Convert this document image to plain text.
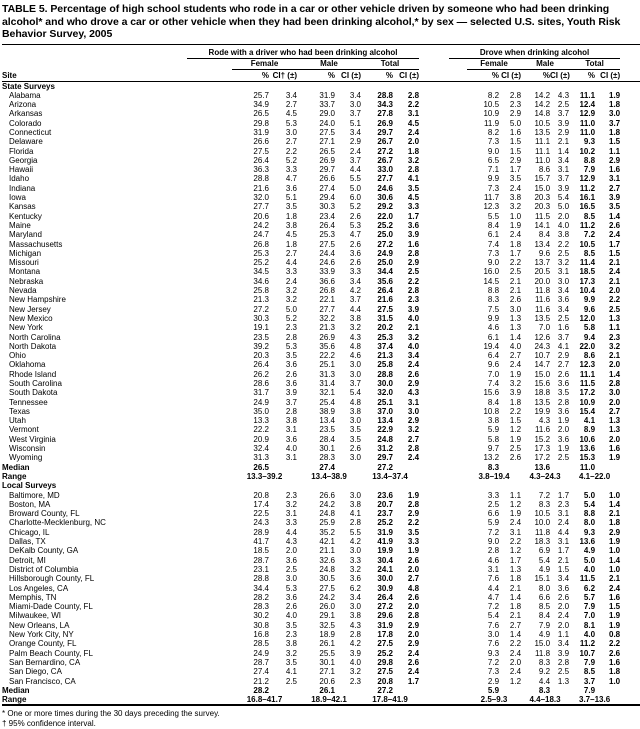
TABLE 5. Percentage of high school students who rode in a car or other vehicle driven by someone who had been drinking alcohol* and who drove a car or other vehicle when they had been drinking alcohol,* by sex — selected U.S. sites, Youth Risk Behavior Survey, 2005
	Rode with a driver who had been drinking alcohol								Drove when drinking alcohol							
		Female		Male		Total				Female		Male		Total		
Site		%	CI† (±)	%	CI (±)	%	CI (±)			%	CI (±)	%	CI (±)	%	CI (±)	
State Surveys																
Alabama		25.7	3.4	31.9	3.4	28.8	2.8			8.2	2.8	14.2	4.3	11.1	1.9	
Arizona		34.9	2.7	33.7	3.0	34.3	2.2			10.5	2.3	14.2	2.5	12.4	1.8	
Arkansas		26.5	4.5	29.0	3.7	27.8	3.1			10.9	2.9	14.8	3.7	12.9	3.0	
Colorado		29.8	5.3	24.0	5.1	26.9	4.5			11.9	5.0	10.5	3.9	11.0	3.7	
Connecticut		31.9	3.0	27.5	3.4	29.7	2.4			8.2	1.6	13.5	2.9	11.0	1.8	
Delaware		26.6	2.7	27.1	2.9	26.7	2.0			7.3	1.5	11.1	2.1	9.3	1.5	
Florida		27.5	2.2	26.5	2.4	27.2	1.8			9.0	1.5	11.1	1.4	10.2	1.1	
Georgia		26.4	5.2	26.9	3.7	26.7	3.2			6.5	2.9	11.0	3.4	8.8	2.9	
Hawaii		36.3	3.3	29.7	4.4	33.0	2.8			7.1	1.7	8.6	3.1	7.9	1.6	
Idaho		28.8	4.7	26.6	5.5	27.7	4.1			9.9	3.5	15.7	3.7	12.9	3.1	
Indiana		21.6	3.6	27.4	5.0	24.6	3.5			7.3	2.4	15.0	3.9	11.2	2.7	
Iowa		32.0	5.1	29.4	6.0	30.6	4.5			11.7	3.8	20.3	5.4	16.1	3.9	
Kansas		27.7	3.5	30.3	5.2	29.2	3.3			12.3	3.2	20.3	5.0	16.5	3.5	
Kentucky		20.6	1.8	23.4	2.6	22.0	1.7			5.5	1.0	11.5	2.0	8.5	1.4	
Maine		24.2	3.8	26.4	5.3	25.2	3.6			8.4	1.9	14.1	4.0	11.2	2.6	
Maryland		24.7	4.5	25.3	4.7	25.0	3.9			6.1	2.4	8.4	3.8	7.2	2.4	
Massachusetts		26.8	1.8	27.5	2.6	27.2	1.6			7.4	1.8	13.4	2.2	10.5	1.7	
Michigan		25.3	2.7	24.4	3.6	24.9	2.8			7.3	1.7	9.6	2.5	8.5	1.5	
Missouri		25.2	4.4	24.6	2.6	25.0	2.9			9.0	2.2	13.7	3.2	11.4	2.1	
Montana		34.5	3.3	33.9	3.3	34.4	2.5			16.0	2.5	20.5	3.1	18.5	2.4	
Nebraska		34.6	2.4	36.6	3.4	35.6	2.2			14.5	2.1	20.0	3.0	17.3	2.1	
Nevada		25.8	3.2	26.8	4.2	26.4	2.8			8.8	2.1	11.8	3.4	10.4	2.0	
New Hampshire		21.3	3.2	22.1	3.7	21.6	2.3			8.3	2.6	11.6	3.6	9.9	2.2	
New Jersey		27.2	5.0	27.7	4.4	27.5	3.9			7.5	3.0	11.6	3.4	9.6	2.5	
New Mexico		30.3	5.2	32.2	3.8	31.5	4.0			9.9	1.3	13.5	2.5	12.0	1.3	
New York		19.1	2.3	21.3	3.2	20.2	2.1			4.6	1.3	7.0	1.6	5.8	1.1	
North Carolina		23.5	2.8	26.9	4.3	25.3	3.2			6.1	1.4	12.6	3.7	9.4	2.3	
North Dakota		39.2	5.3	35.6	4.8	37.4	4.0			19.4	4.0	24.3	4.1	22.0	3.2	
Ohio		20.3	3.5	22.2	4.6	21.3	3.4			6.4	2.7	10.7	2.9	8.6	2.1	
Oklahoma		26.4	3.6	25.1	3.0	25.8	2.4			9.6	2.4	14.7	2.7	12.3	2.0	
Rhode Island		26.2	2.6	31.3	3.0	28.8	2.6			7.0	1.9	15.0	2.6	11.1	1.4	
South Carolina		28.6	3.6	31.4	3.7	30.0	2.9			7.4	3.2	15.6	3.6	11.5	2.8	
South Dakota		31.7	3.9	32.1	5.4	32.0	4.3			15.6	3.9	18.8	3.5	17.2	3.0	
Tennessee		24.9	3.7	25.4	4.8	25.1	3.1			8.4	1.8	13.5	2.8	10.9	2.0	
Texas		35.0	2.8	38.9	3.8	37.0	3.0			10.8	2.2	19.9	3.6	15.4	2.7	
Utah		13.3	3.8	13.4	3.0	13.4	2.9			3.8	1.5	4.3	1.9	4.1	1.3	
Vermont		22.2	3.1	23.5	3.5	22.9	3.2			5.9	1.2	11.6	2.0	8.9	1.3	
West Virginia		20.9	3.6	28.4	3.5	24.8	2.7			5.8	1.9	15.2	3.6	10.6	2.0	
Wisconsin		32.4	4.0	30.1	2.6	31.2	2.8			9.7	2.5	17.3	1.9	13.6	1.6	
Wyoming		31.3	3.1	28.3	3.0	29.7	2.4			13.2	2.6	17.2	2.5	15.3	1.9	
Median		26.5		27.4		27.2				8.3		13.6		11.0		
Range		13.3–39.2		13.4–38.9		13.4–37.4				3.8–19.4		4.3–24.3		4.1–22.0		
Local Surveys																
Baltimore, MD		20.8	2.3	26.6	3.0	23.6	1.9			3.3	1.1	7.2	1.7	5.0	1.0	
Boston, MA		17.4	3.2	24.2	3.8	20.7	2.8			2.5	1.2	8.3	2.3	5.4	1.4	
Broward County, FL		22.5	3.1	24.8	4.1	23.7	2.9			6.6	1.9	10.5	3.1	8.8	2.1	
Charlotte-Mecklenburg, NC		24.3	3.3	25.9	2.8	25.2	2.2			5.9	2.4	10.0	2.4	8.0	1.8	
Chicago, IL		28.9	4.4	35.2	5.5	31.9	3.5			7.2	3.1	11.8	4.4	9.3	2.9	
Dallas, TX		41.7	4.3	42.1	4.2	41.9	3.3			9.0	2.2	18.3	3.1	13.6	1.9	
DeKalb County, GA		18.5	2.0	21.1	3.0	19.9	1.9			2.8	1.2	6.9	1.7	4.9	1.0	
Detroit, MI		28.7	3.6	32.6	3.3	30.4	2.6			4.6	1.7	5.4	2.1	5.0	1.4	
District of Columbia		23.1	2.5	24.8	3.2	24.1	2.0			3.1	1.3	4.9	1.5	4.0	1.0	
Hillsborough County, FL		28.8	3.0	30.5	3.6	30.0	2.7			7.6	1.8	15.1	3.4	11.5	2.1	
Los Angeles, CA		34.4	5.3	27.5	6.2	30.9	4.8			4.4	2.1	8.0	3.6	6.2	2.4	
Memphis, TN		28.2	3.6	24.2	3.4	26.4	2.6			4.7	1.4	6.6	2.6	5.7	1.6	
Miami-Dade County, FL		28.3	2.6	26.0	3.0	27.2	2.0			7.2	1.8	8.5	2.0	7.9	1.5	
Milwaukee, WI		30.2	4.0	29.1	3.8	29.6	2.8			5.4	2.1	8.4	2.4	7.0	1.9	
New Orleans, LA		30.8	3.5	32.5	4.3	31.9	2.9			7.6	2.7	7.9	2.0	8.1	1.9	
New York City, NY		16.8	2.3	18.9	2.8	17.8	2.0			3.0	1.4	4.9	1.1	4.0	0.8	
Orange County, FL		28.5	3.8	26.1	4.2	27.5	2.9			7.6	2.2	15.0	3.4	11.2	2.2	
Palm Beach County, FL		24.9	3.2	25.5	3.9	25.2	2.4			9.3	2.4	11.8	3.9	10.7	2.6	
San Bernardino, CA		28.7	3.5	30.1	4.0	29.8	2.6			7.2	2.0	8.3	2.8	7.9	1.6	
San Diego, CA		27.4	4.1	27.1	3.2	27.5	2.4			7.3	2.4	9.2	2.5	8.5	1.8	
San Francisco, CA		21.2	2.5	20.6	2.3	20.8	1.7			2.9	1.2	4.4	1.3	3.7	1.0	
Median		28.2		26.1		27.2				5.9		8.3		7.9		
Range		16.8–41.7		18.9–42.1		17.8–41.9				2.5–9.3		4.4–18.3		3.7–13.6		
* One or more times during the 30 days preceding the survey.
† 95% confidence interval.
